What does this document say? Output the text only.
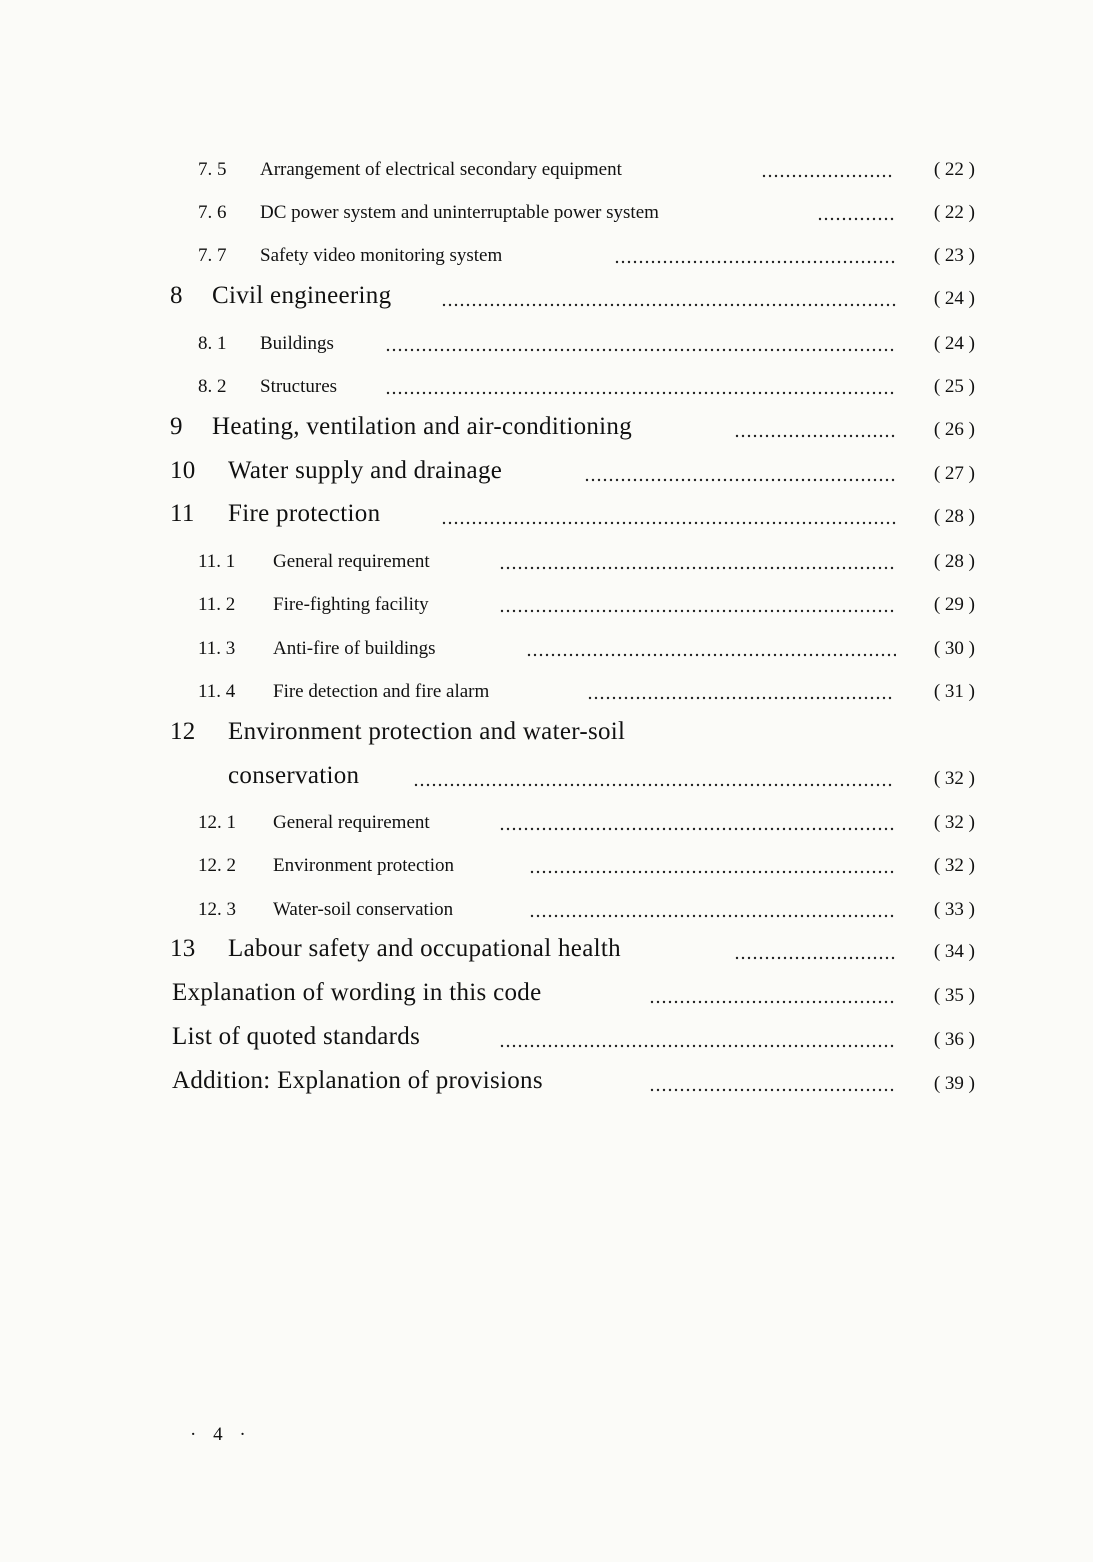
7. 5 Arrangement of electrical secondary equipment	( 22 )
7. 6 DC power system and uninterruptable power system	( 22 )
7. 7 Safety video monitoring system	( 23 )
8 Civil engineering	( 24 )
8. 1 Buildings	( 24 )
8. 2 Structures	( 25 )
9 Heating, ventilation and air-conditioning	( 26 )
10 Water supply and drainage	( 27 )
11 Fire protection	( 28 )
11. 1 General requirement	( 28 )
11. 2 Fire-fighting facility	( 29 )
11. 3 Anti-fire of buildings	( 30 )
11. 4 Fire detection and fire alarm	( 31 )
12 Environment protection and water-soil
conservation	( 32 )
12. 1 General requirement	( 32 )
12. 2 Environment protection	( 32 )
12. 3 Water-soil conservation	( 33 )
13 Labour safety and occupational health	( 34 )
Explanation of wording in this code	( 35 )
List of quoted standards	( 36 )
Addition: Explanation of provisions	( 39 )
· 4 ·
